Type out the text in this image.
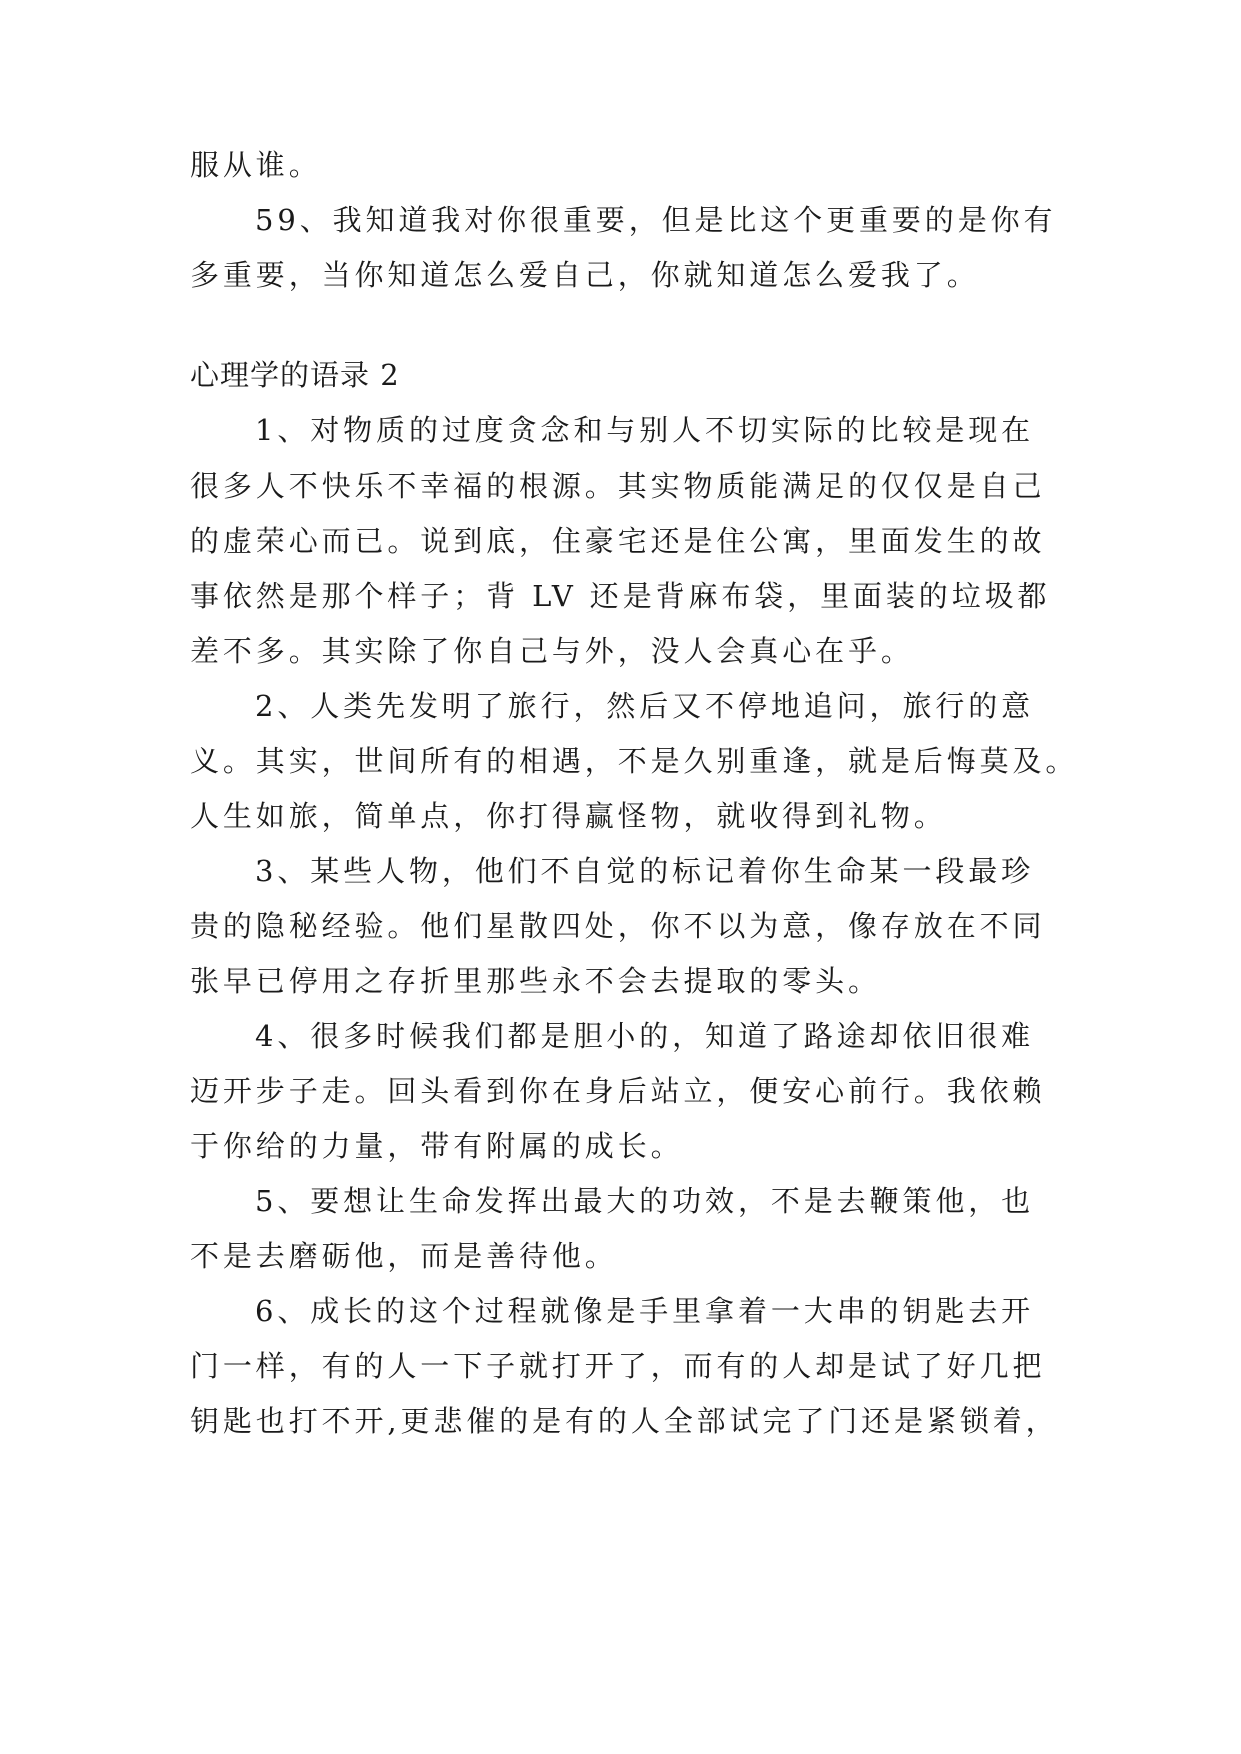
服从谁。
59、我知道我对你很重要，但是比这个更重要的是你有
多重要，当你知道怎么爱自己，你就知道怎么爱我了。
心理学的语录 2
1、对物质的过度贪念和与别人不切实际的比较是现在
很多人不快乐不幸福的根源。其实物质能满足的仅仅是自己
的虚荣心而已。说到底，住豪宅还是住公寓，里面发生的故
事依然是那个样子；背 LV 还是背麻布袋，里面装的垃圾都
差不多。其实除了你自己与外，没人会真心在乎。
2、人类先发明了旅行，然后又不停地追问，旅行的意
义。其实，世间所有的相遇，不是久别重逢，就是后悔莫及。
人生如旅，简单点，你打得赢怪物，就收得到礼物。
3、某些人物，他们不自觉的标记着你生命某一段最珍
贵的隐秘经验。他们星散四处，你不以为意，像存放在不同
张早已停用之存折里那些永不会去提取的零头。
4、很多时候我们都是胆小的，知道了路途却依旧很难
迈开步子走。回头看到你在身后站立，便安心前行。我依赖
于你给的力量，带有附属的成长。
5、要想让生命发挥出最大的功效，不是去鞭策他，也
不是去磨砺他，而是善待他。
6、成长的这个过程就像是手里拿着一大串的钥匙去开
门一样，有的人一下子就打开了，而有的人却是试了好几把
钥匙也打不开,更悲催的是有的人全部试完了门还是紧锁着，
